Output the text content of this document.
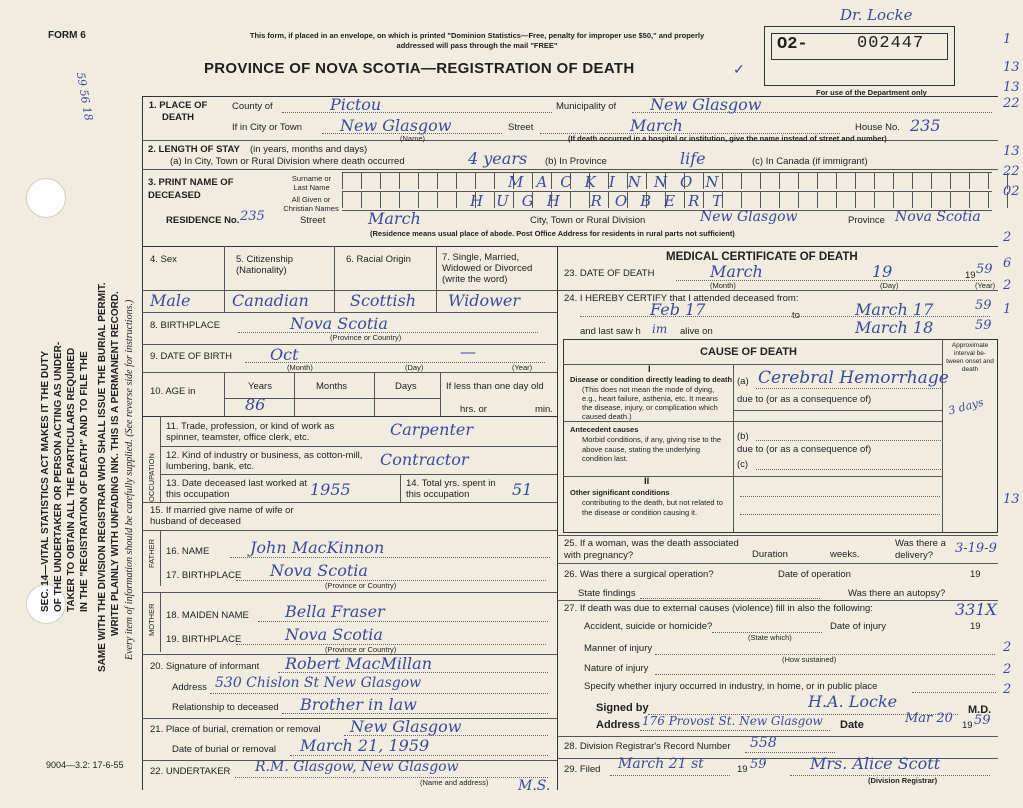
FORM 6	This form, if placed in an envelope, on which is printed "Dominion Statistics—Free, penalty for improper use $50," and properly addressed will pass through the mail "FREE"
PROVINCE OF NOVA SCOTIA—REGISTRATION OF DEATH
Dr. Locke
O2-	002447
For use of the Department only
✓
SEC. 14—VITAL STATISTICS ACT MAKES IT THE DUTY OF THE UNDERTAKER OR PERSON ACTING AS UNDER- TAKER TO OBTAIN ALL THE PARTICULARS REQUIRED IN THE "REGISTRATION OF DEATH" AND TO FILE THE SAME WITH THE DIVISION REGISTRAR WHO SHALL ISSUE THE BURIAL PERMIT. WRITE PLAINLY WITH UNFADING INK. THIS IS A PERMANENT RECORD. Every item of information should be carefully supplied. (See reverse side for instructions.)
59 56 18
9004—3.2: 17-6-55
1
13
13
22
13
22
02
2
6
2
1
13
2
2
2
1. PLACE OF DEATH
County of	Pictou	Municipality of New Glasgow
If in City or Town New Glasgow
(Name)
Street	March
(If death occurred in a hospital or institution, give the name instead of street and number)
House No. 235
2. LENGTH OF STAY (in years, months and days)
(a) In City, Town or Rural Division where death occurred	4 years (b) In Province	life	(c) In Canada (if immigrant)
3. PRINT NAME OF DECEASED
Surname or Last Name
All Given or Christian Names
MACKINNON
HUGH ROBERT
RESIDENCE No. 235	Street	March	City, Town or Rural Division	New Glasgow	Province Nova Scotia
(Residence means usual place of abode. Post Office Address for residents in rural parts not sufficient)
4. Sex	5. Citizenship (Nationality)
6. Racial Origin	7. Single, Married, Widowed or Divorced (write the word)
Male	Canadian	Scottish Widower
8. BIRTHPLACE	Nova Scotia
(Province or Country)
9. DATE OF BIRTH Oct	—
(Month)	(Day)	(Year)
10. AGE in	Years	Months	Days
86
If less than one day old
hrs. or	min.
OCCUPATION
11. Trade, profession, or kind of work as spinner, teamster, office clerk, etc.	Carpenter
12. Kind of industry or business, as cotton-mill, lumbering, bank, etc.	Contractor
13. Date deceased last worked at this occupation	1955	14. Total yrs. spent in this occupation	51
15. If married give name of wife or husband of deceased
FATHER 16. NAME	John MacKinnon
17. BIRTHPLACE Nova Scotia
(Province or Country)
MOTHER 18. MAIDEN NAME Bella Fraser
19. BIRTHPLACE	Nova Scotia
(Province or Country)
20. Signature of informant Robert MacMillan
Address 530 Chislon St New Glasgow
Relationship to deceased Brother in law
21. Place of burial, cremation or removal New Glasgow
Date of burial or removal March 21, 1959
22. UNDERTAKER R.M. Glasgow, New Glasgow
(Name and address) M.S.
MEDICAL CERTIFICATE OF DEATH
23. DATE OF DEATH	March	19	19 59
(Month)	(Day)	(Year)
24. I HEREBY CERTIFY that I attended deceased from:
Feb 17	to	March 17	59
and last saw h im alive on	March 18	59
CAUSE OF DEATH
Approximate interval be-tween onset and death
I
Disease or condition directly leading to death
(This does not mean the mode of dying, e.g., heart failure, asthenia, etc. It means the disease, injury, or complication which caused death.)
(a) Cerebral Hemorrhage
3 days
due to (or as a consequence of)
Antecedent causes
Morbid conditions, if any, giving rise to the above cause, stating the underlying condition last.
(b)
due to (or as a consequence of)
(c)
II
Other significant conditions
contributing to the death, but not related to the disease or condition causing it.
25. If a woman, was the death associated with pregnancy?	Duration	weeks.
Was there a delivery?	3-19-9
26. Was there a surgical operation?	Date of operation	19
State findings	Was there an autopsy?
27. If death was due to external causes (violence) fill in also the following:	331X
Accident, suicide or homicide?
(State which)
Date of injury	19
Manner of injury
(How sustained)
Nature of injury
Specify whether injury occurred in industry, in home, or in public place
Signed by	H.A. Locke	M.D.
Address 176 Provost St. New Glasgow Date	Mar 20 19 59
28. Division Registrar's Record Number 558
29. Filed March 21 st	19 59	Mrs. Alice Scott
(Division Registrar)
